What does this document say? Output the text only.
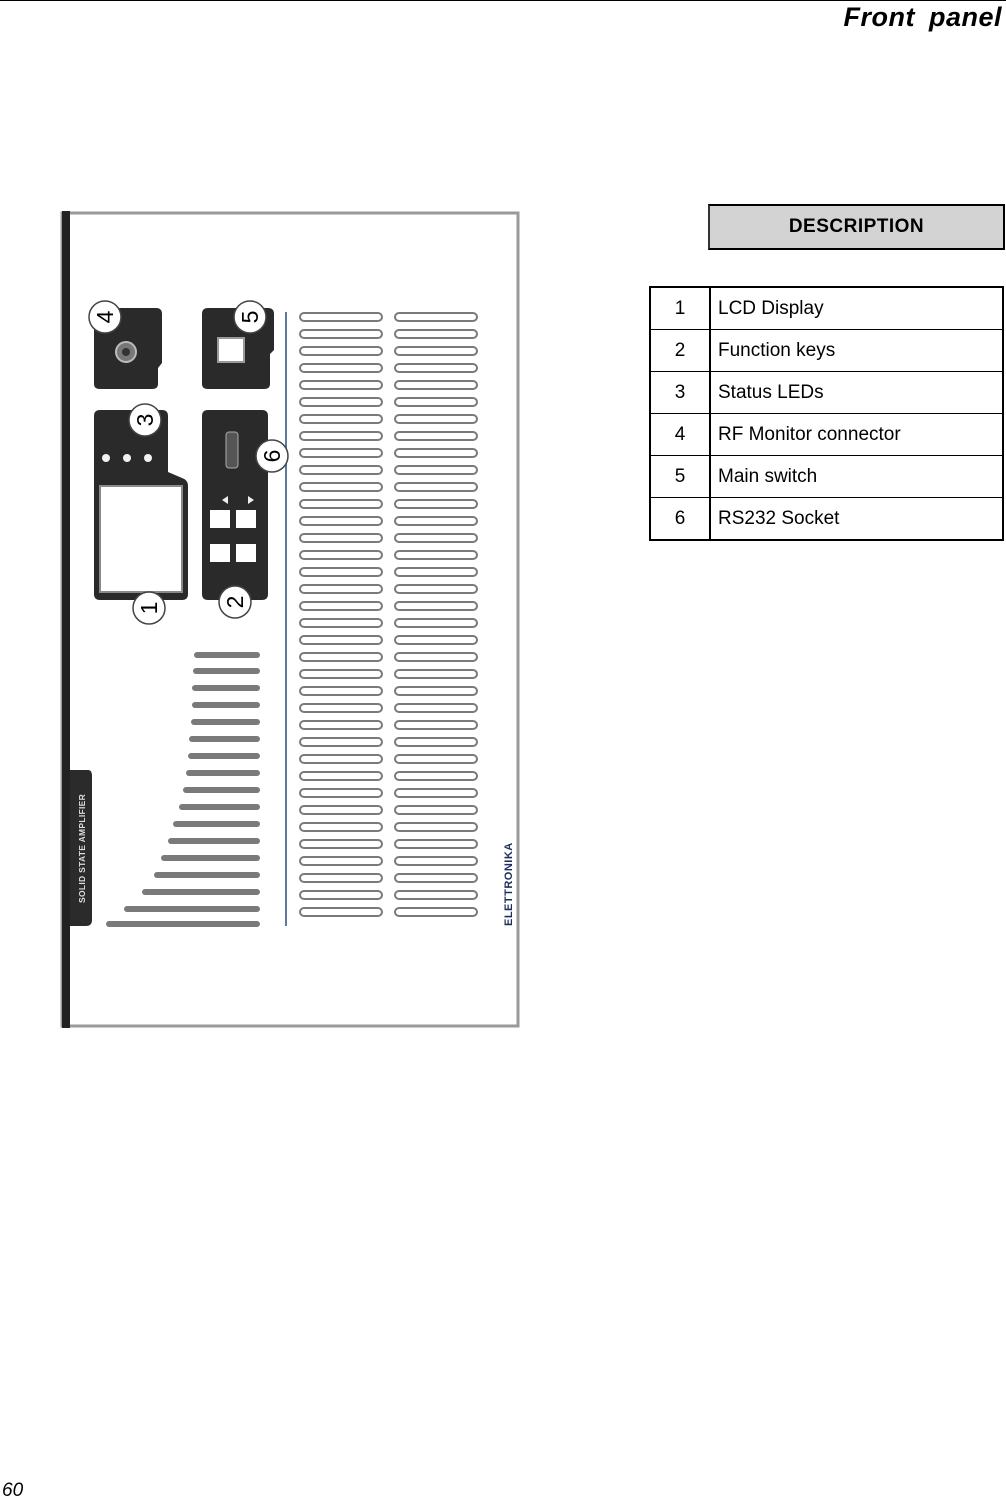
Front panel
SOLID STATE AMPLIFIER	ELETTRONIKA
4	5
3
6
1	2
DESCRIPTION
1	LCD Display
2	Function keys
3	Status LEDs
4	RF Monitor connector
5	Main switch
6	RS232 Socket
60
